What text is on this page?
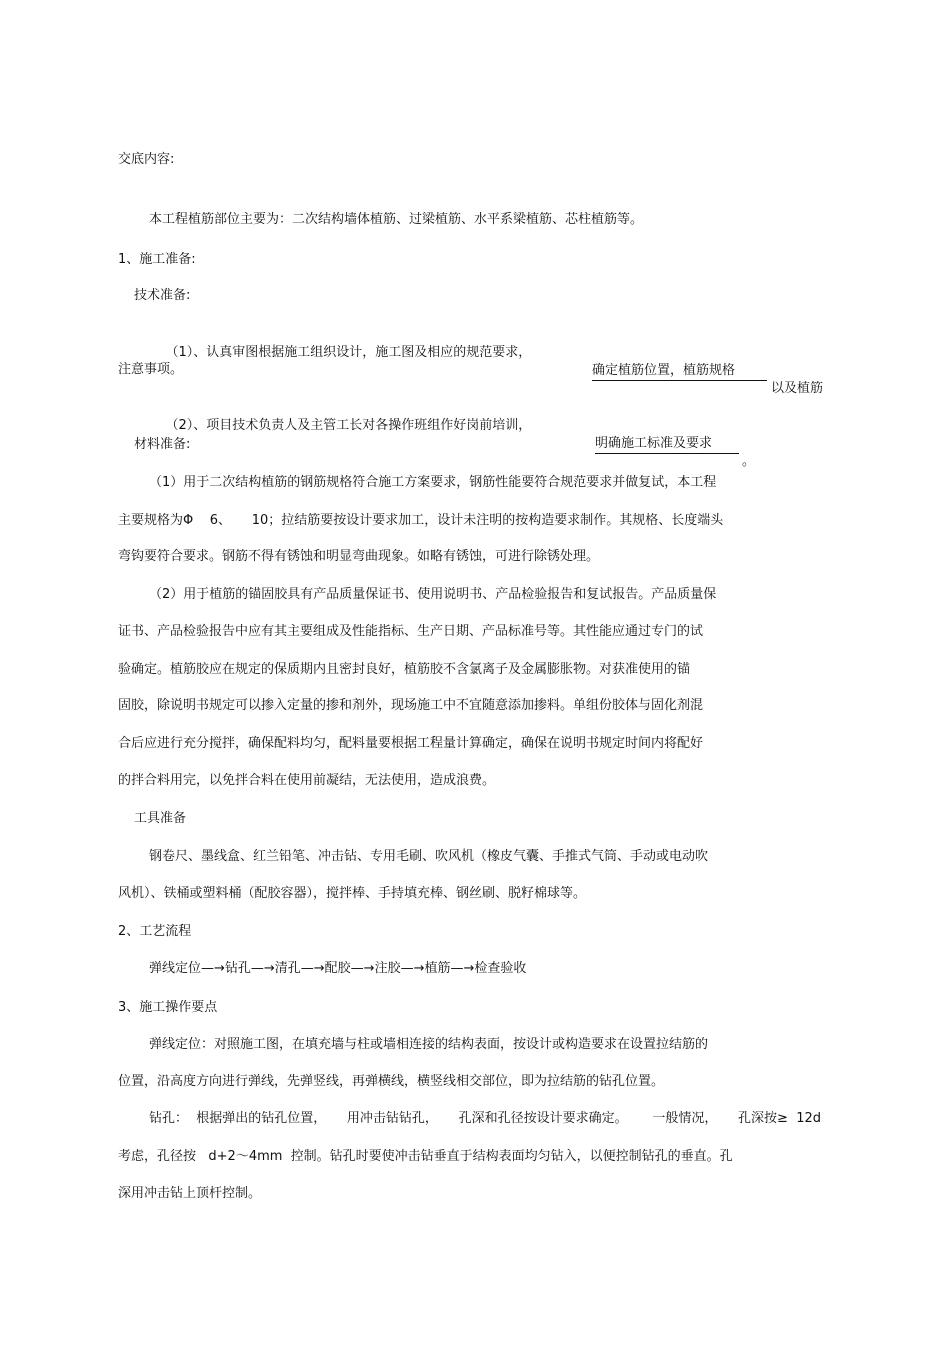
交底内容:
本工程植筋部位主要为：二次结构墙体植筋、过梁植筋、水平系梁植筋、芯柱植筋等。
1、施工准备:
技术准备:

（1）、认真审图根据施工组织设计，施工图及相应的规范要求，

确定植筋位置，植筋规格

以及植筋

注意事项。

（2）、项目技术负责人及主管工长对各操作班组作好岗前培训，

明确施工标准及要求

。

材料准备:
（1）用于二次结构植筋的钢筋规格符合施工方案要求，钢筋性能要符合规范要求并做复试，本工程
主要规格为Φ    6、     10；拉结筋要按设计要求加工，设计未注明的按构造要求制作。其规格、长度端头
弯钩要符合要求。钢筋不得有锈蚀和明显弯曲现象。如略有锈蚀，可进行除锈处理。
（2）用于植筋的锚固胶具有产品质量保证书、使用说明书、产品检验报告和复试报告。产品质量保
证书、产品检验报告中应有其主要组成及性能指标、生产日期、产品标准号等。其性能应通过专门的试
验确定。植筋胶应在规定的保质期内且密封良好，植筋胶不含氯离子及金属膨胀物。对获准使用的锚
固胶，除说明书规定可以掺入定量的掺和剂外，现场施工中不宜随意添加掺料。单组份胶体与固化剂混
合后应进行充分搅拌，确保配料均匀，配料量要根据工程量计算确定，确保在说明书规定时间内将配好
的拌合料用完，以免拌合料在使用前凝结，无法使用，造成浪费。
工具准备
钢卷尺、墨线盒、红兰铅笔、冲击钻、专用毛刷、吹风机（橡皮气囊、手推式气筒、手动或电动吹
风机）、铁桶或塑料桶（配胶容器），搅拌棒、手持填充棒、钢丝刷、脱籽棉球等。
2、工艺流程
弹线定位—→钻孔—→清孔—→配胶—→注胶—→植筋—→检查验收
3、施工操作要点
弹线定位：对照施工图，在填充墙与柱或墙相连接的结构表面，按设计或构造要求在设置拉结筋的
位置，沿高度方向进行弹线，先弹竖线，再弹横线，横竖线相交部位，即为拉结筋的钻孔位置。
钻孔：  根据弹出的钻孔位置，     用冲击钻钻孔，     孔深和孔径按设计要求确定。      一般情况，     孔深按≥  12d
考虑，孔径按   d+2～4mm  控制。钻孔时要使冲击钻垂直于结构表面均匀钻入，以便控制钻孔的垂直。孔
深用冲击钻上顶杆控制。
